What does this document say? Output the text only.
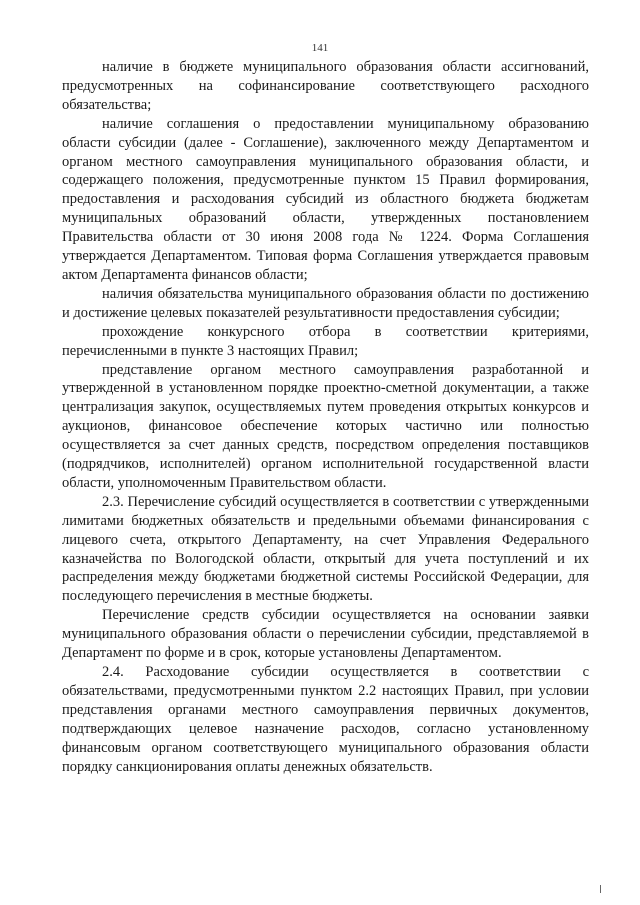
141

наличие в бюджете муниципального образования области ассигнований, предусмотренных на софинансирование соответствующего расходного обязательства;

наличие соглашения о предоставлении муниципальному образованию области субсидии (далее - Соглашение), заключенного между Департаментом и органом местного самоуправления муниципального образования области, и содержащего положения, предусмотренные пунктом 15 Правил формирования, предоставления и расходования субсидий из областного бюджета бюджетам муниципальных образований области, утвержденных постановлением Правительства области от 30 июня 2008 года № 1224. Форма Соглашения утверждается Департаментом. Типовая форма Соглашения утверждается правовым актом Департамента финансов области;

наличия обязательства муниципального образования области по достижению и достижение целевых показателей результативности предоставления субсидии;

прохождение конкурсного отбора в соответствии критериями, перечисленными в пункте 3 настоящих Правил;

представление органом местного самоуправления разработанной и утвержденной в установленном порядке проектно-сметной документации, а также централизация закупок, осуществляемых путем проведения открытых конкурсов и аукционов, финансовое обеспечение которых частично или полностью осуществляется за счет данных средств, посредством определения поставщиков (подрядчиков, исполнителей) органом исполнительной государственной власти области, уполномоченным Правительством области.

2.3. Перечисление субсидий осуществляется в соответствии с утвержденными лимитами бюджетных обязательств и предельными объемами финансирования с лицевого счета, открытого Департаменту, на счет Управления Федерального казначейства по Вологодской области, открытый для учета поступлений и их распределения между бюджетами бюджетной системы Российской Федерации, для последующего перечисления в местные бюджеты.

Перечисление средств субсидии осуществляется на основании заявки муниципального образования области о перечислении субсидии, представляемой в Департамент по форме и в срок, которые установлены Департаментом.

2.4. Расходование субсидии осуществляется в соответствии с обязательствами, предусмотренными пунктом 2.2 настоящих Правил, при условии представления органами местного самоуправления первичных документов, подтверждающих целевое назначение расходов, согласно установленному финансовым органом соответствующего муниципального образования области порядку санкционирования оплаты денежных обязательств.
